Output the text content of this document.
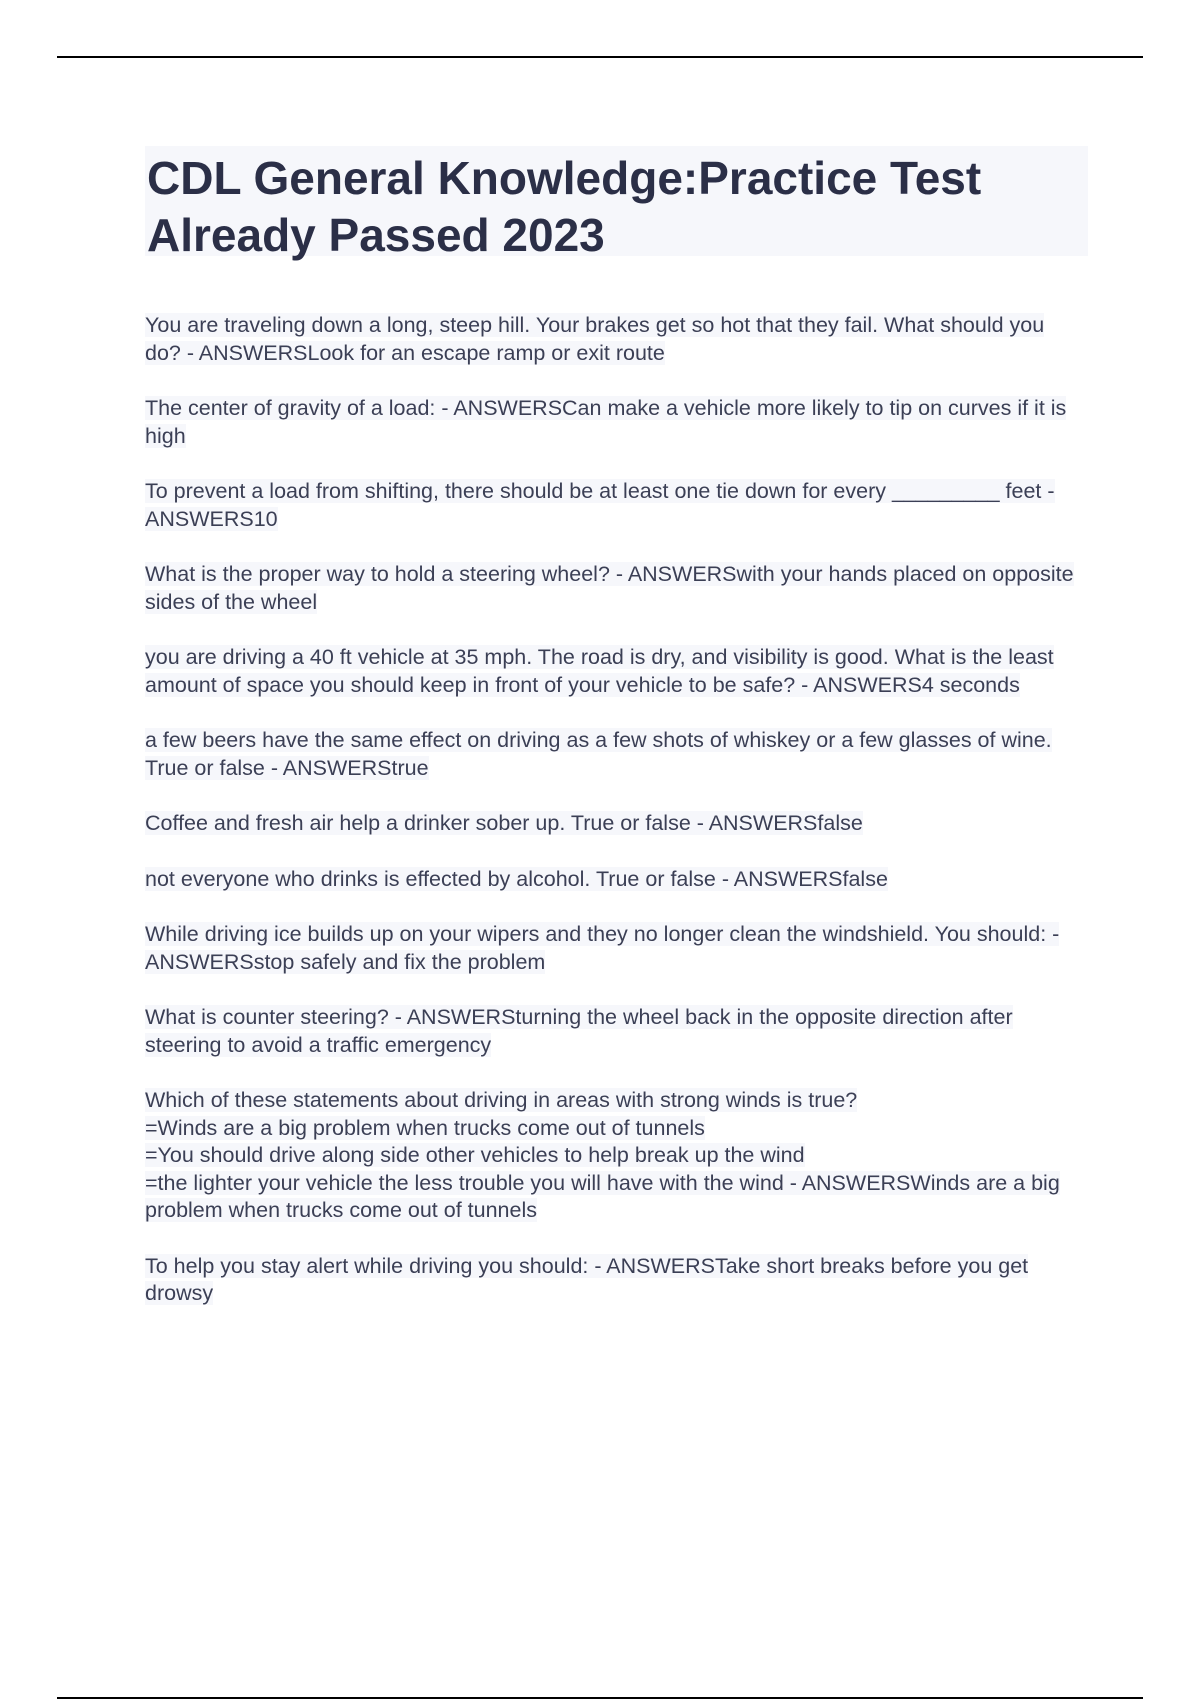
CDL General Knowledge:Practice Test Already Passed 2023
You are traveling down a long, steep hill. Your brakes get so hot that they fail. What should you do? - ANSWERSLook for an escape ramp or exit route
The center of gravity of a load: - ANSWERSCan make a vehicle more likely to tip on curves if it is high
To prevent a load from shifting, there should be at least one tie down for every _________ feet - ANSWERS10
What is the proper way to hold a steering wheel? - ANSWERSwith your hands placed on opposite sides of the wheel
you are driving a 40 ft vehicle at 35 mph. The road is dry, and visibility is good. What is the least amount of space you should keep in front of your vehicle to be safe? - ANSWERS4 seconds
a few beers have the same effect on driving as a few shots of whiskey or a few glasses of wine.
True or false - ANSWERStrue
Coffee and fresh air help a drinker sober up. True or false - ANSWERSfalse
not everyone who drinks is effected by alcohol. True or false - ANSWERSfalse
While driving ice builds up on your wipers and they no longer clean the windshield. You should: - ANSWERSstop safely and fix the problem
What is counter steering? - ANSWERSturning the wheel back in the opposite direction after steering to avoid a traffic emergency
Which of these statements about driving in areas with strong winds is true?
=Winds are a big problem when trucks come out of tunnels
=You should drive along side other vehicles to help break up the wind
=the lighter your vehicle the less trouble you will have with the wind - ANSWERSWinds are a big problem when trucks come out of tunnels
To help you stay alert while driving you should: - ANSWERSTake short breaks before you get drowsy
